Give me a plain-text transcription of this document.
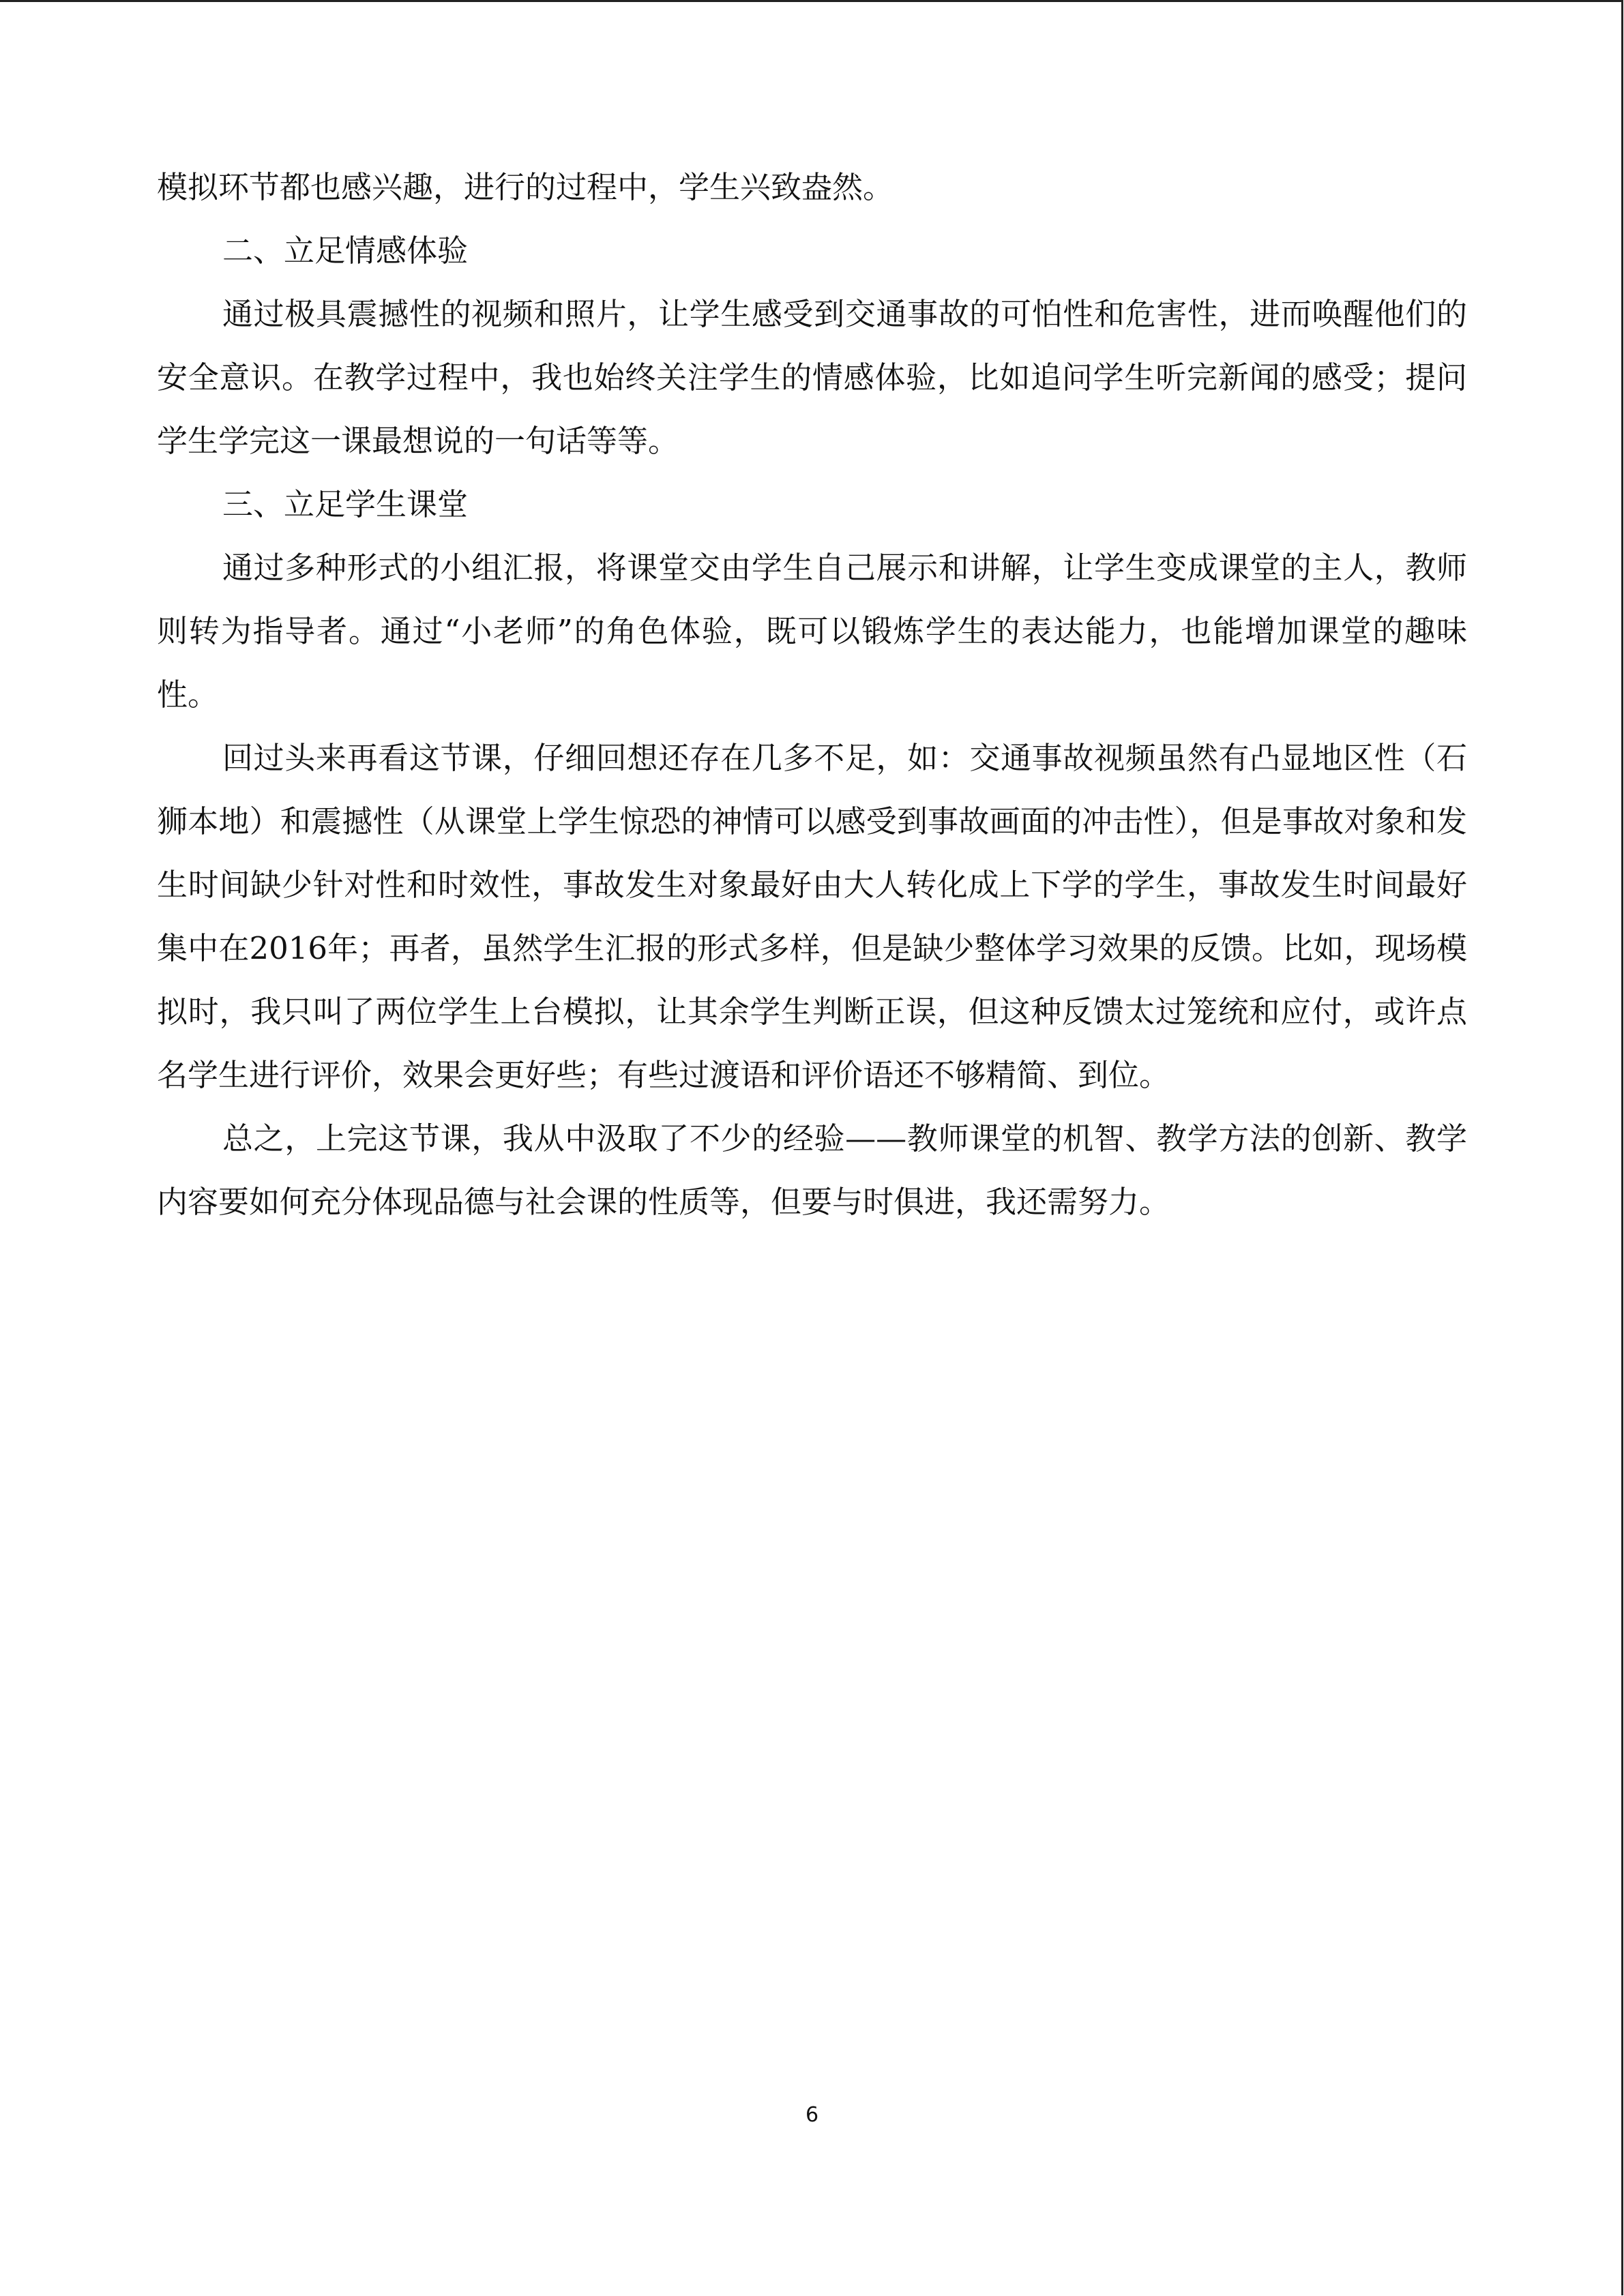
模拟环节都也感兴趣，进行的过程中，学生兴致盎然。

二、立足情感体验

通过极具震撼性的视频和照片，让学生感受到交通事故的可怕性和危害性，进而唤醒他们的安全意识。在教学过程中，我也始终关注学生的情感体验，比如追问学生听完新闻的感受；提问学生学完这一课最想说的一句话等等。

三、立足学生课堂

通过多种形式的小组汇报，将课堂交由学生自己展示和讲解，让学生变成课堂的主人，教师则转为指导者。通过“小老师”的角色体验，既可以锻炼学生的表达能力，也能增加课堂的趣味性。

回过头来再看这节课，仔细回想还存在几多不足，如：交通事故视频虽然有凸显地区性（石狮本地）和震撼性（从课堂上学生惊恐的神情可以感受到事故画面的冲击性），但是事故对象和发生时间缺少针对性和时效性，事故发生对象最好由大人转化成上下学的学生，事故发生时间最好集中在2016年；再者，虽然学生汇报的形式多样，但是缺少整体学习效果的反馈。比如，现场模拟时，我只叫了两位学生上台模拟，让其余学生判断正误，但这种反馈太过笼统和应付，或许点名学生进行评价，效果会更好些；有些过渡语和评价语还不够精简、到位。

总之，上完这节课，我从中汲取了不少的经验——教师课堂的机智、教学方法的创新、教学内容要如何充分体现品德与社会课的性质等，但要与时俱进，我还需努力。

6
